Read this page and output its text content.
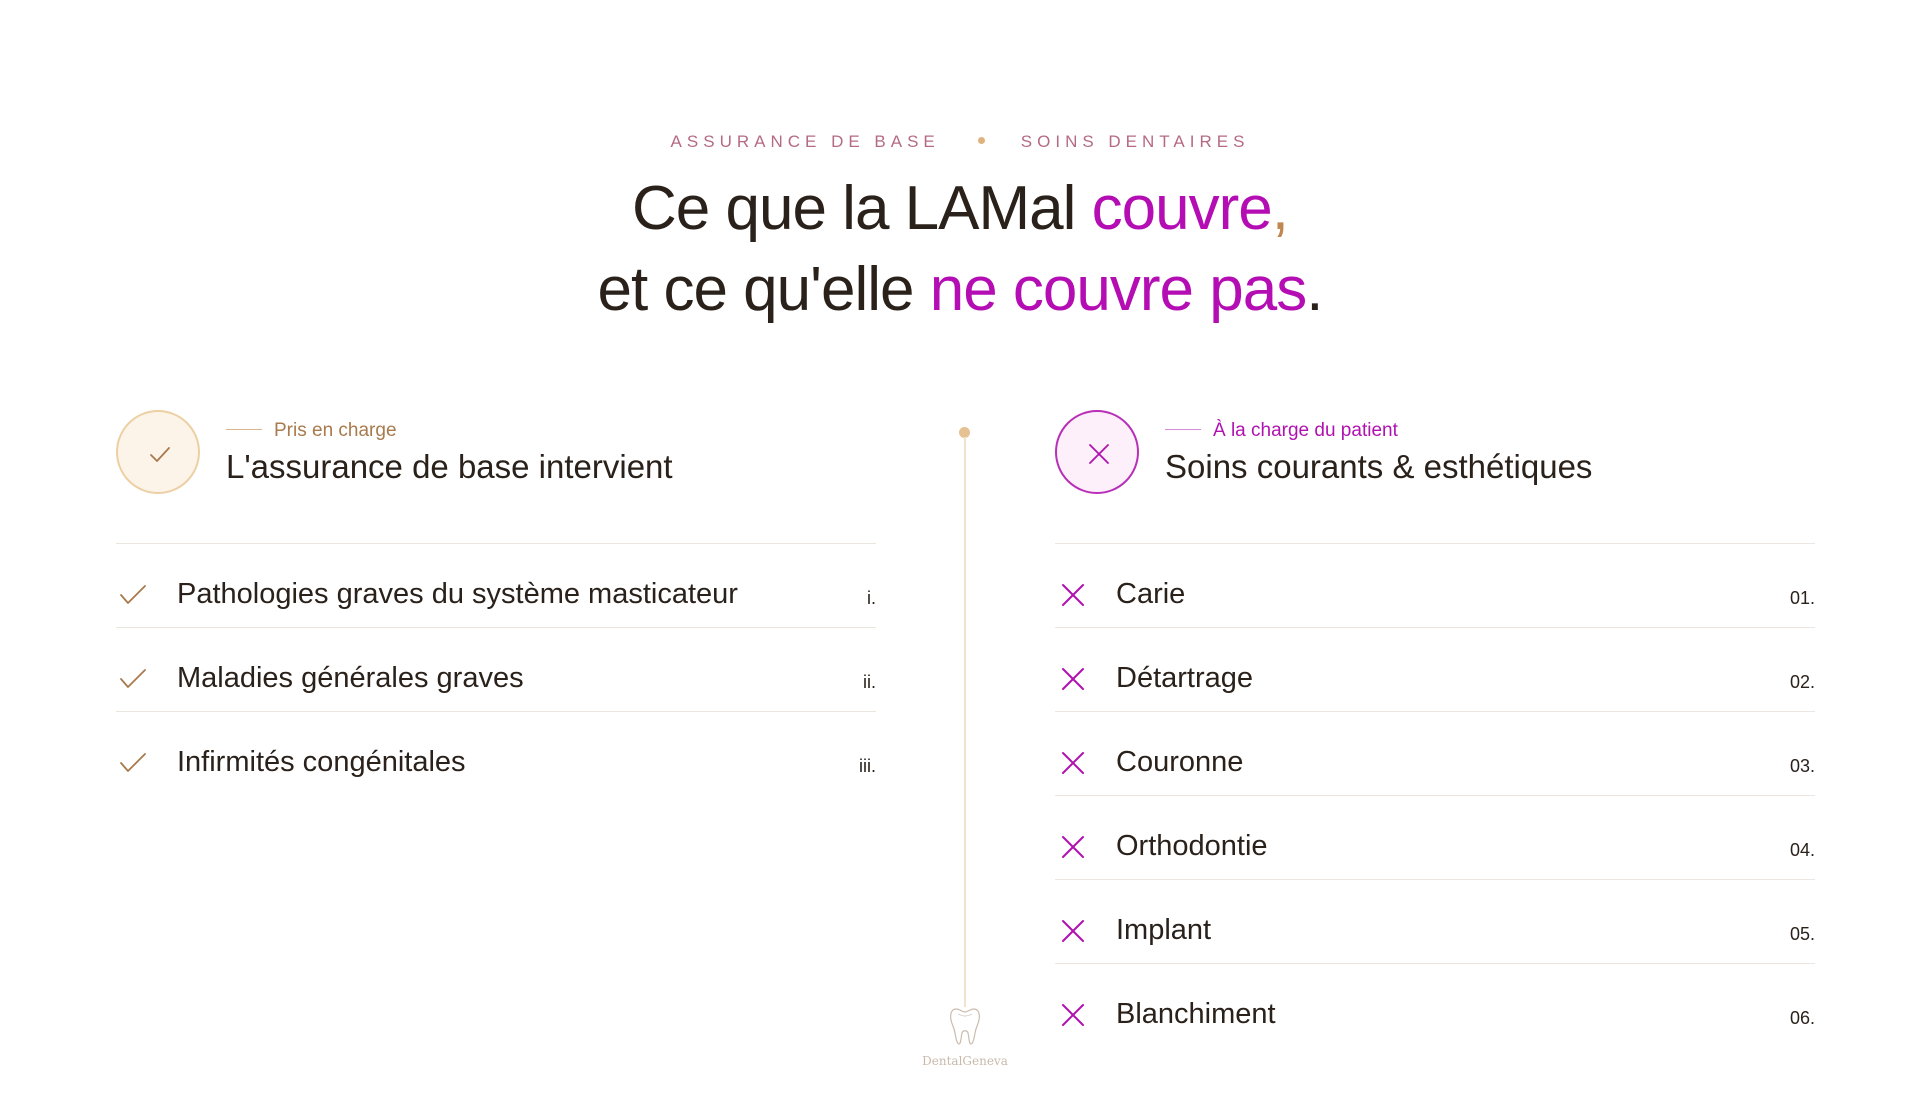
ASSURANCE DE BASE	SOINS DENTAIRES
Ce que la LAMal couvre,
et ce qu'elle ne couvre pas.
Pris en charge
L'assurance de base intervient
Pathologies graves du système masticateur	i.
Maladies générales graves	ii.
Infirmités congénitales	iii.
À la charge du patient
Soins courants & esthétiques
Carie	01.
Détartrage	02.
Couronne	03.
Orthodontie	04.
Implant	05.
Blanchiment	06.
DentalGeneva
